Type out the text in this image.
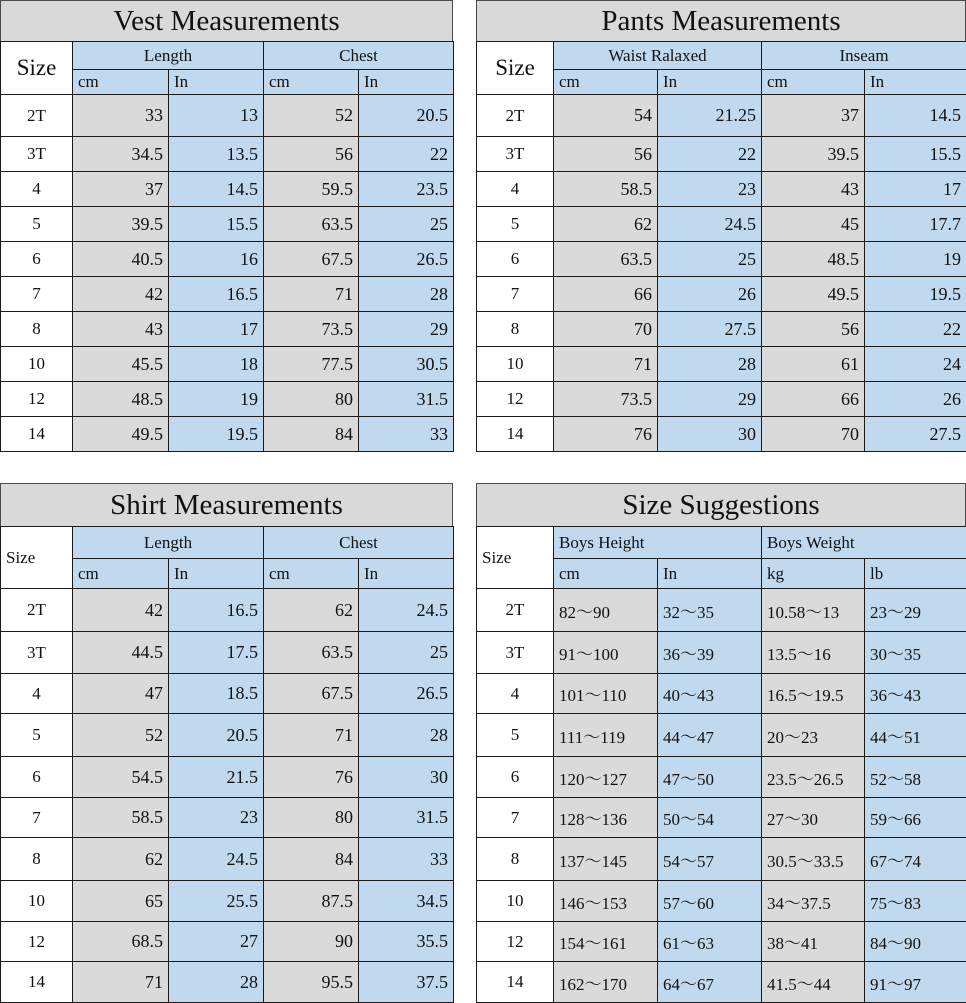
Vest Measurements
Size	Length		Chest	
	cm	In	cm	In
2T	33	13	52	20.5
3T	34.5	13.5	56	22
4	37	14.5	59.5	23.5
5	39.5	15.5	63.5	25
6	40.5	16	67.5	26.5
7	42	16.5	71	28
8	43	17	73.5	29
10	45.5	18	77.5	30.5
12	48.5	19	80	31.5
14	49.5	19.5	84	33
Pants Measurements
Size	Waist Ralaxed		Inseam	
	cm	In	cm	In
2T	54	21.25	37	14.5
3T	56	22	39.5	15.5
4	58.5	23	43	17
5	62	24.5	45	17.7
6	63.5	25	48.5	19
7	66	26	49.5	19.5
8	70	27.5	56	22
10	71	28	61	24
12	73.5	29	66	26
14	76	30	70	27.5
Shirt Measurements
Size	Length		Chest	
	cm	In	cm	In
2T	42	16.5	62	24.5
3T	44.5	17.5	63.5	25
4	47	18.5	67.5	26.5
5	52	20.5	71	28
6	54.5	21.5	76	30
7	58.5	23	80	31.5
8	62	24.5	84	33
10	65	25.5	87.5	34.5
12	68.5	27	90	35.5
14	71	28	95.5	37.5
Size Suggestions
Size	Boys Height		Boys Weight	
	cm	In	kg	lb
2T	82～90	32～35	10.58～13	23～29
3T	91～100	36～39	13.5～16	30～35
4	101～110	40～43	16.5～19.5	36～43
5	111～119	44～47	20～23	44～51
6	120～127	47～50	23.5～26.5	52～58
7	128～136	50～54	27～30	59～66
8	137～145	54～57	30.5～33.5	67～74
10	146～153	57～60	34～37.5	75～83
12	154～161	61～63	38～41	84～90
14	162～170	64～67	41.5～44	91～97
